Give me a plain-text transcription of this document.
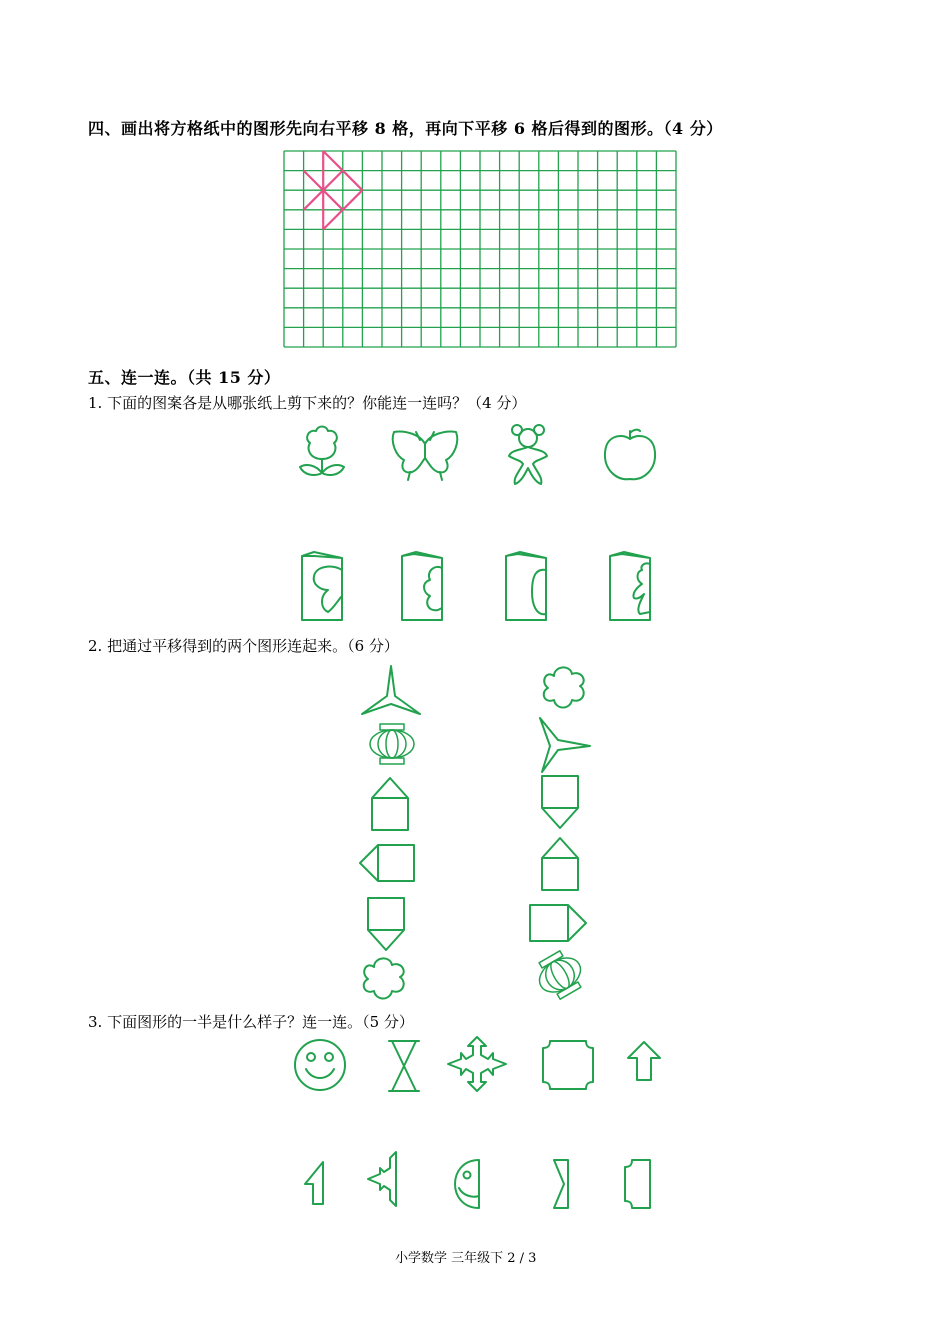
四、画出将方格纸中的图形先向右平移 8 格，再向下平移 6 格后得到的图形。（4 分）
五、连一连。（共 15 分）
1. 下面的图案各是从哪张纸上剪下来的？你能连一连吗？（4 分）
2. 把通过平移得到的两个图形连起来。（6 分）
3. 下面图形的一半是什么样子？连一连。（5 分）
小学数学 三年级下 2 / 3
